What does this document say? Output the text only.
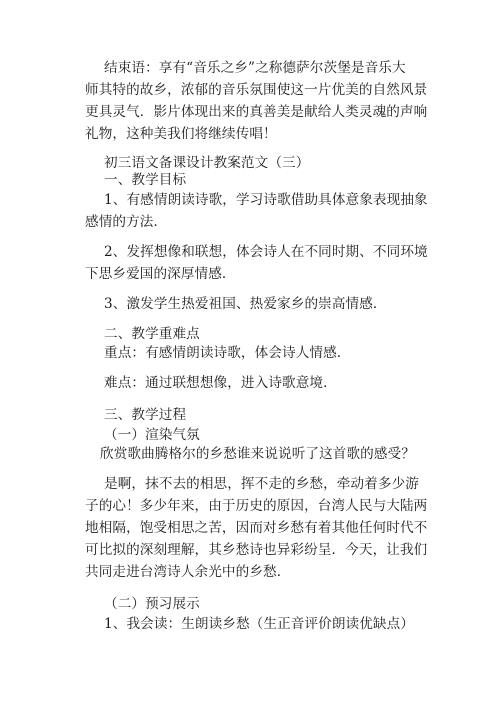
结束语：享有“音乐之乡”之称德萨尔茨堡是音乐大
师其特的故乡，浓郁的音乐氛围使这一片优美的自然风景
更具灵气．影片体现出来的真善美是献给人类灵魂的声响
礼物，这种美我们将继续传唱！
初三语文备课设计教案范文（三）
一、教学目标
1、有感情朗读诗歌，学习诗歌借助具体意象表现抽象
感情的方法．
2、发挥想像和联想，体会诗人在不同时期、不同环境
下思乡爱国的深厚情感．
3、激发学生热爱祖国、热爱家乡的崇高情感．
二、教学重难点
重点：有感情朗读诗歌，体会诗人情感．
难点：通过联想想像，进入诗歌意境．
三、教学过程
（一）渲染气氛
欣赏歌曲腾格尔的乡愁谁来说说听了这首歌的感受？
是啊，抹不去的相思，挥不走的乡愁，牵动着多少游
子的心！多少年来，由于历史的原因，台湾人民与大陆两
地相隔，饱受相思之苦，因而对乡愁有着其他任何时代不
可比拟的深刻理解，其乡愁诗也异彩纷呈．今天，让我们
共同走进台湾诗人余光中的乡愁．
（二）预习展示
1、我会读：生朗读乡愁（生正音评价朗读优缺点）
